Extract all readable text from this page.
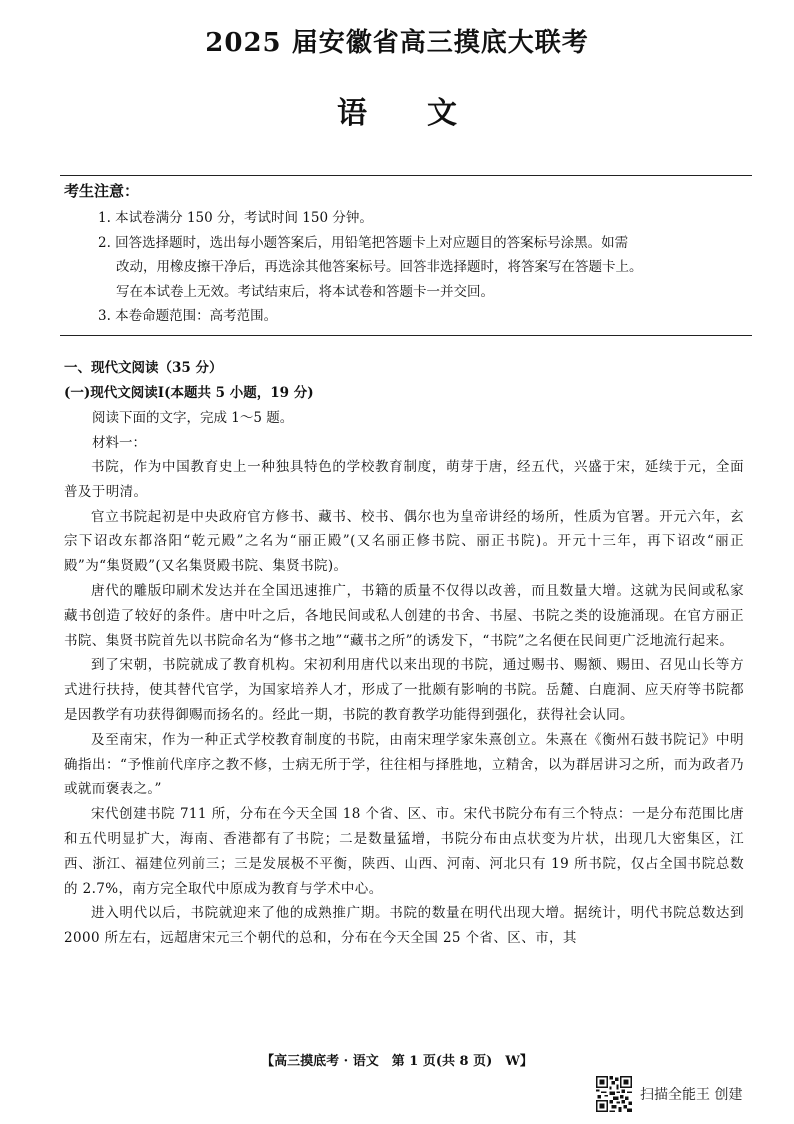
2025 届安徽省高三摸底大联考
语文

考生注意：

1. 本试卷满分 150 分，考试时间 150 分钟。
2. 回答选择题时，选出每小题答案后，用铅笔把答题卡上对应题目的答案标号涂黑。如需
改动，用橡皮擦干净后，再选涂其他答案标号。回答非选择题时，将答案写在答题卡上。
写在本试卷上无效。考试结束后，将本试卷和答题卡一并交回。
3. 本卷命题范围：高考范围。

一、现代文阅读（35 分）

(一)现代文阅读Ⅰ(本题共 5 小题，19 分)

阅读下面的文字，完成 1～5 题。

材料一：

书院，作为中国教育史上一种独具特色的学校教育制度，萌芽于唐，经五代，兴盛于宋，延续于元，全面普及于明清。

官立书院起初是中央政府官方修书、藏书、校书、偶尔也为皇帝讲经的场所，性质为官署。开元六年，玄宗下诏改东都洛阳“乾元殿”之名为“丽正殿”(又名丽正修书院、丽正书院)。开元十三年，再下诏改“丽正殿”为“集贤殿”(又名集贤殿书院、集贤书院)。

唐代的雕版印刷术发达并在全国迅速推广，书籍的质量不仅得以改善，而且数量大增。这就为民间或私家藏书创造了较好的条件。唐中叶之后，各地民间或私人创建的书舍、书屋、书院之类的设施涌现。在官方丽正书院、集贤书院首先以书院命名为“修书之地”“藏书之所”的诱发下，“书院”之名便在民间更广泛地流行起来。

到了宋朝，书院就成了教育机构。宋初利用唐代以来出现的书院，通过赐书、赐额、赐田、召见山长等方式进行扶持，使其替代官学，为国家培养人才，形成了一批颇有影响的书院。岳麓、白鹿洞、应天府等书院都是因教学有功获得御赐而扬名的。经此一期，书院的教育教学功能得到强化，获得社会认同。

及至南宋，作为一种正式学校教育制度的书院，由南宋理学家朱熹创立。朱熹在《衡州石鼓书院记》中明确指出：“予惟前代庠序之教不修，士病无所于学，往往相与择胜地，立精舍，以为群居讲习之所，而为政者乃或就而褒表之。”

宋代创建书院 711 所，分布在今天全国 18 个省、区、市。宋代书院分布有三个特点：一是分布范围比唐和五代明显扩大，海南、香港都有了书院；二是数量猛增，书院分布由点状变为片状，出现几大密集区，江西、浙江、福建位列前三；三是发展极不平衡，陕西、山西、河南、河北只有 19 所书院，仅占全国书院总数的 2.7%，南方完全取代中原成为教育与学术中心。

进入明代以后，书院就迎来了他的成熟推广期。书院的数量在明代出现大增。据统计，明代书院总数达到 2000 所左右，远超唐宋元三个朝代的总和，分布在今天全国 25 个省、区、市，其

【高三摸底考 · 语文　第 1 页(共 8 页)　W】

扫描全能王 创建
